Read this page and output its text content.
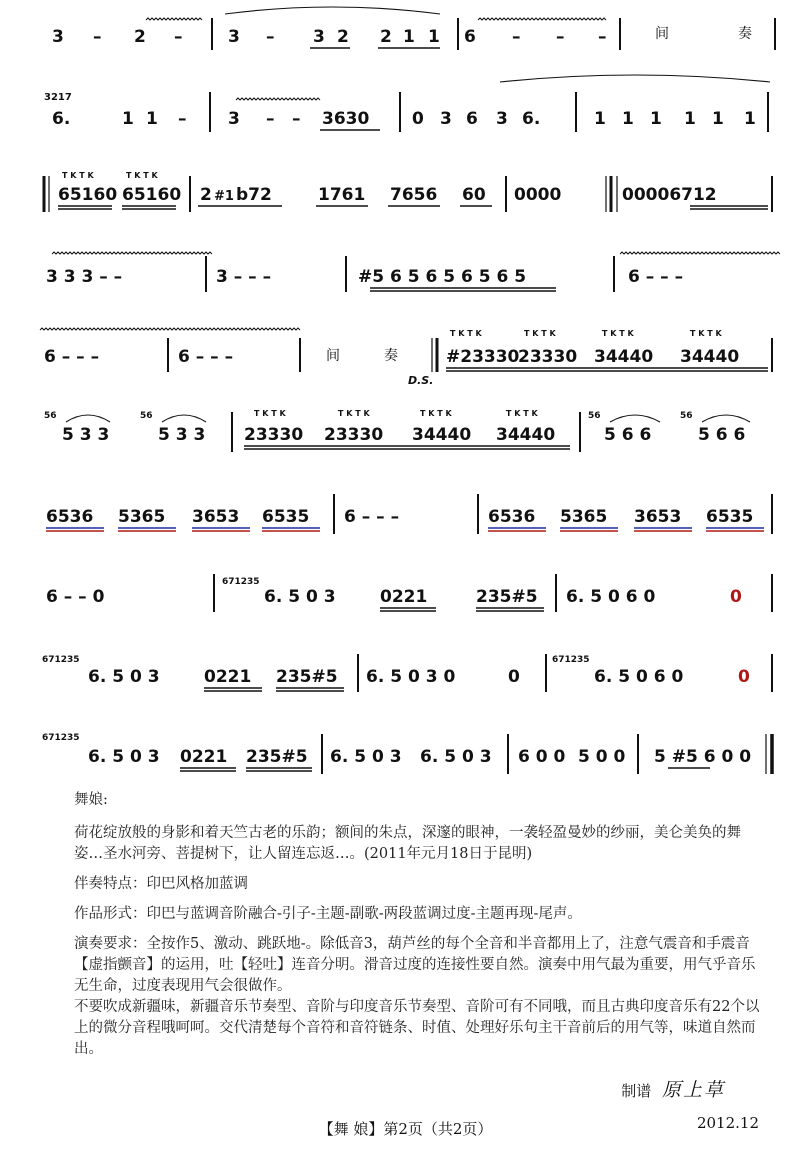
3 – 2 –	3 – 3 2 2 1 1 6 – – –	间	奏
3217
6.	1 1 – 3 – – 3630	0 3 6 3 6.	1 1 1 1 1 1
T K T K
65160
T K T K
65160 2 #1 b72	1761 7656 60 0000	00006712
3 3 3 – –	3 – – –	#5 6 5 6 5 6 5 6 5	6 – – –
6 – – –	6 – – –	间	奏
D.S.
T K T K
#23330
T K T K
23330
T K T K
34440
T K T K
34440
56
5 3 3
56
5 3 3
T K T K
23330
T K T K
23330
T K T K
34440
T K T K
34440
56
5 6 6
56
5 6 6
6536 5365 3653 6535 6 – – –	6536 5365 3653 6535
6 – – 0
671235
6. 5 0 3	0221	235#5 6. 5 0 6 0	0
671235
6. 5 0 3	0221 235#5 6. 5 0 3 0	0
671235
6. 5 0 6 0	0
671235
6. 5 0 3 0221 235#5 6. 5 0 3 6. 5 0 3 6 0 0 5 0 0 5 #5 6 0 0

舞娘:

荷花绽放般的身影和着天竺古老的乐韵；额间的朱点，深邃的眼神，一袭轻盈曼妙的纱丽，美仑美奂的舞姿…圣水河旁、菩提树下，让人留连忘返…。(2011年元月18日于昆明)

伴奏特点：印巴风格加蓝调

作品形式：印巴与蓝调音阶融合-引子-主题-副歌-两段蓝调过度-主题再现-尾声。

演奏要求：全按作5、激动、跳跃地-。除低音3，葫芦丝的每个全音和半音都用上了，注意气震音和手震音【虚指颤音】的运用，吐【轻吐】连音分明。滑音过度的连接性要自然。演奏中用气最为重要，用气乎音乐无生命，过度表现用气会很做作。

不要吹成新疆味，新疆音乐节奏型、音阶与印度音乐节奏型、音阶可有不同哦，而且古典印度音乐有22个以上的微分音程哦呵呵。交代清楚每个音符和音符链条、时值、处理好乐句主干音前后的用气等，味道自然而出。

制谱 原上草
2012.12
【舞 娘】第2页（共2页）
